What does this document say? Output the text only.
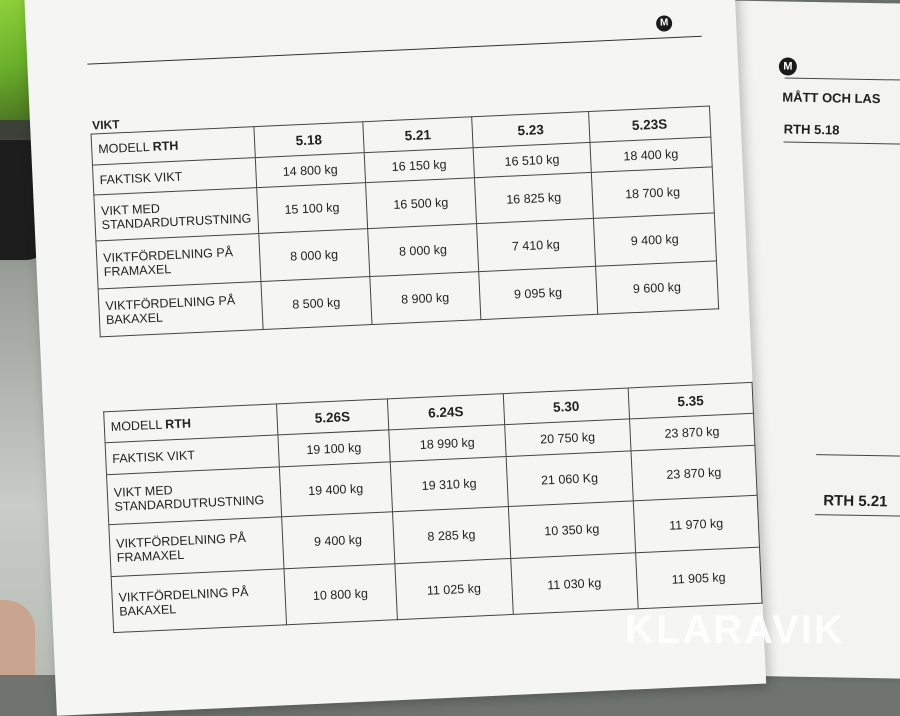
M
MÅTT OCH LAS
RTH 5.18
RTH 5.21
M
VIKT
MODELL RTH	5.18	5.21	5.23	5.23S
FAKTISK VIKT	14 800 kg	16 150 kg	16 510 kg	18 400 kg
VIKT MED STANDARDUTRUSTNING	15 100 kg	16 500 kg	16 825 kg	18 700 kg
VIKTFÖRDELNING PÅ FRAMAXEL	8 000 kg	8 000 kg	7 410 kg	9 400 kg
VIKTFÖRDELNING PÅ BAKAXEL	8 500 kg	8 900 kg	9 095 kg	9 600 kg
MODELL RTH	5.26S	6.24S	5.30	5.35
FAKTISK VIKT	19 100 kg	18 990 kg	20 750 kg	23 870 kg
VIKT MED STANDARDUTRUSTNING	19 400 kg	19 310 kg	21 060 Kg	23 870 kg
VIKTFÖRDELNING PÅ FRAMAXEL	9 400 kg	8 285 kg	10 350 kg	11 970 kg
VIKTFÖRDELNING PÅ BAKAXEL	10 800 kg	11 025 kg	11 030 kg	11 905 kg
KLARAVIK
